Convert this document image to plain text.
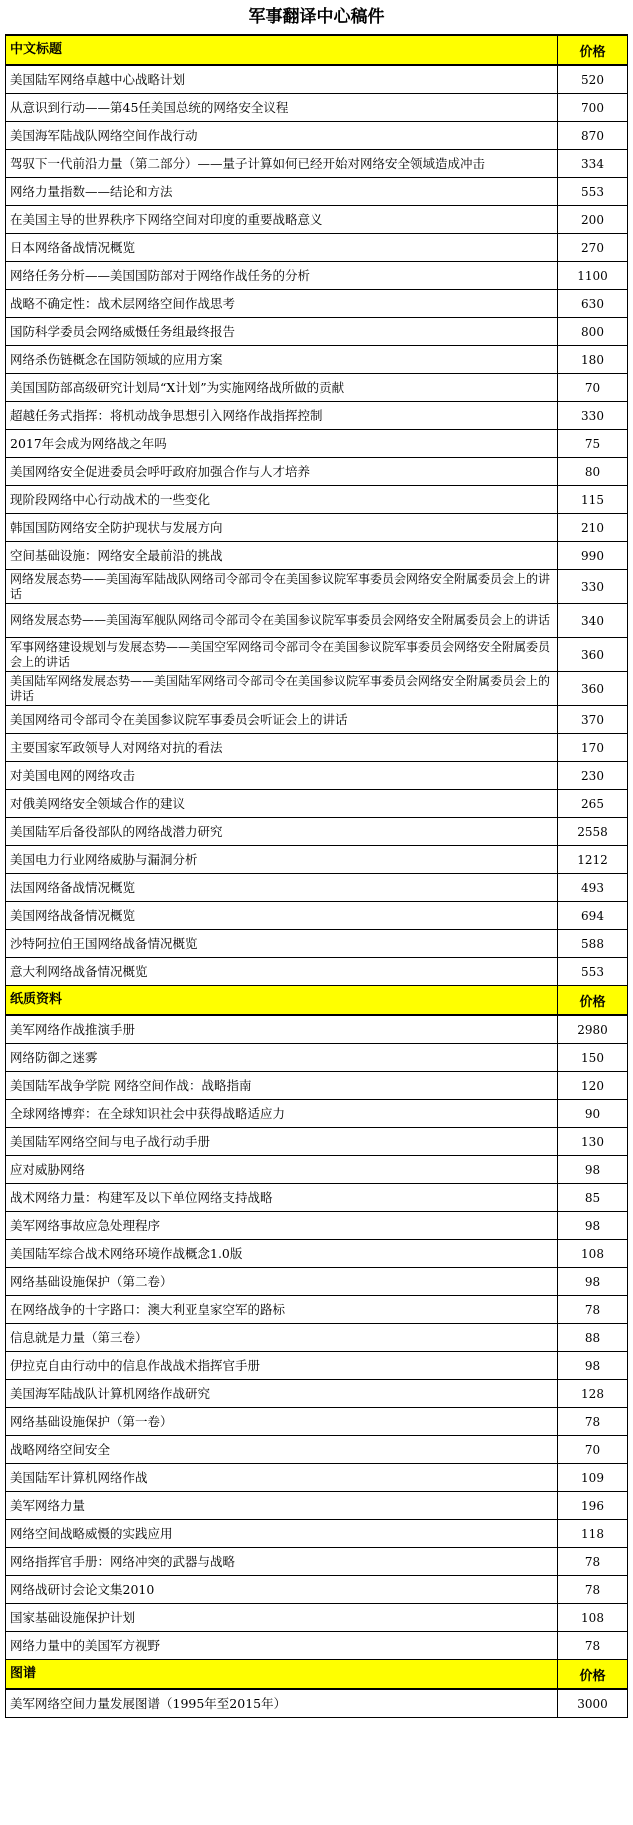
军事翻译中心稿件
中文标题	价格
美国陆军网络卓越中心战略计划	520
从意识到行动——第45任美国总统的网络安全议程	700
美国海军陆战队网络空间作战行动	870
驾驭下一代前沿力量（第二部分）——量子计算如何已经开始对网络安全领域造成冲击	334
网络力量指数——结论和方法	553
在美国主导的世界秩序下网络空间对印度的重要战略意义	200
日本网络备战情况概览	270
网络任务分析——美国国防部对于网络作战任务的分析	1100
战略不确定性：战术层网络空间作战思考	630
国防科学委员会网络威慑任务组最终报告	800
网络杀伤链概念在国防领域的应用方案	180
美国国防部高级研究计划局“X计划”为实施网络战所做的贡献	70
超越任务式指挥：将机动战争思想引入网络作战指挥控制	330
2017年会成为网络战之年吗	75
美国网络安全促进委员会呼吁政府加强合作与人才培养	80
现阶段网络中心行动战术的一些变化	115
韩国国防网络安全防护现状与发展方向	210
空间基础设施：网络安全最前沿的挑战	990
网络发展态势——美国海军陆战队网络司令部司令在美国参议院军事委员会网络安全附属委员会上的讲话	330
网络发展态势——美国海军舰队网络司令部司令在美国参议院军事委员会网络安全附属委员会上的讲话	340
军事网络建设规划与发展态势——美国空军网络司令部司令在美国参议院军事委员会网络安全附属委员会上的讲话	360
美国陆军网络发展态势——美国陆军网络司令部司令在美国参议院军事委员会网络安全附属委员会上的讲话	360
美国网络司令部司令在美国参议院军事委员会听证会上的讲话	370
主要国家军政领导人对网络对抗的看法	170
对美国电网的网络攻击	230
对俄美网络安全领域合作的建议	265
美国陆军后备役部队的网络战潜力研究	2558
美国电力行业网络威胁与漏洞分析	1212
法国网络备战情况概览	493
美国网络战备情况概览	694
沙特阿拉伯王国网络战备情况概览	588
意大利网络战备情况概览	553
纸质资料	价格
美军网络作战推演手册	2980
网络防御之迷雾	150
美国陆军战争学院 网络空间作战：战略指南	120
全球网络博弈：在全球知识社会中获得战略适应力	90
美国陆军网络空间与电子战行动手册	130
应对威胁网络	98
战术网络力量：构建军及以下单位网络支持战略	85
美军网络事故应急处理程序	98
美国陆军综合战术网络环境作战概念1.0版	108
网络基础设施保护（第二卷）	98
在网络战争的十字路口：澳大利亚皇家空军的路标	78
信息就是力量（第三卷）	88
伊拉克自由行动中的信息作战战术指挥官手册	98
美国海军陆战队计算机网络作战研究	128
网络基础设施保护（第一卷）	78
战略网络空间安全	70
美国陆军计算机网络作战	109
美军网络力量	196
网络空间战略威慑的实践应用	118
网络指挥官手册：网络冲突的武器与战略	78
网络战研讨会论文集2010	78
国家基础设施保护计划	108
网络力量中的美国军方视野	78
图谱	价格
美军网络空间力量发展图谱（1995年至2015年）	3000
